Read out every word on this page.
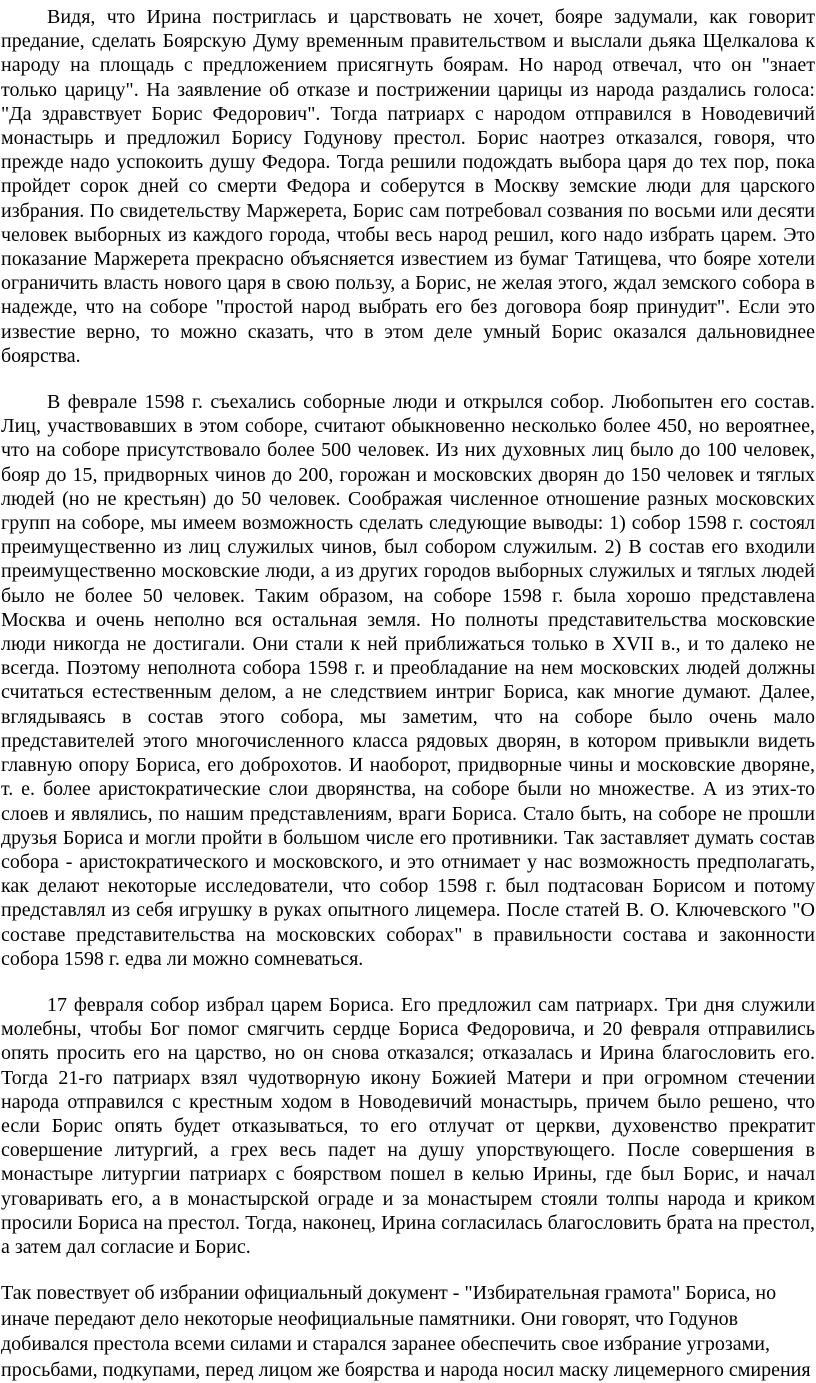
Видя, что Ирина постриглась и царствовать не хочет, бояре задумали, как говорит предание, сделать Боярскую Думу временным правительством и выслали дьяка Щелкалова к народу на площадь с предложением присягнуть боярам. Но народ отвечал, что он "знает только царицу". На заявление об отказе и пострижении царицы из народа раздались голоса: "Да здравствует Борис Федорович". Тогда патриарх с народом отправился в Новодевичий монастырь и предложил Борису Годунову престол. Борис наотрез отказался, говоря, что прежде надо успокоить душу Федора. Тогда решили подождать выбора царя до тех пор, пока пройдет сорок дней со смерти Федора и соберутся в Москву земские люди для царского избрания. По свидетельству Маржерета, Борис сам потребовал созвания по восьми или десяти человек выборных из каждого города, чтобы весь народ решил, кого надо избрать царем. Это показание Маржерета прекрасно объясняется известием из бумаг Татищева, что бояре хотели ограничить власть нового царя в свою пользу, а Борис, не желая этого, ждал земского собора в надежде, что на соборе "простой народ выбрать его без договора бояр принудит". Если это известие верно, то можно сказать, что в этом деле умный Борис оказался дальновиднее боярства.

В феврале 1598 г. съехались соборные люди и открылся собор. Любопытен его состав. Лиц, участвовавших в этом соборе, считают обыкновенно несколько более 450, но вероятнее, что на соборе присутствовало более 500 человек. Из них духовных лиц было до 100 человек, бояр до 15, придворных чинов до 200, горожан и московских дворян до 150 человек и тяглых людей (но не крестьян) до 50 человек. Соображая численное отношение разных московских групп на соборе, мы имеем возможность сделать следующие выводы: 1) собор 1598 г. состоял преимущественно из лиц служилых чинов, был собором служилым. 2) В состав его входили преимущественно московские люди, а из других городов выборных служилых и тяглых людей было не более 50 человек. Таким образом, на соборе 1598 г. была хорошо представлена Москва и очень неполно вся остальная земля. Но полноты представительства московские люди никогда не достигали. Они стали к ней приближаться только в XVII в., и то далеко не всегда. Поэтому неполнота собора 1598 г. и преобладание на нем московских людей должны считаться естественным делом, а не следствием интриг Бориса, как многие думают. Далее, вглядываясь в состав этого собора, мы заметим, что на соборе было очень мало представителей этого многочисленного класса рядовых дворян, в котором привыкли видеть главную опору Бориса, его доброхотов. И наоборот, придворные чины и московские дворяне, т. е. более аристократические слои дворянства, на соборе были но множестве. А из этих-то слоев и являлись, по нашим представлениям, враги Бориса. Стало быть, на соборе не прошли друзья Бориса и могли пройти в большом числе его противники. Так заставляет думать состав собора - аристократического и московского, и это отнимает у нас возможность предполагать, как делают некоторые исследователи, что собор 1598 г. был подтасован Борисом и потому представлял из себя игрушку в руках опытного лицемера. После статей В. О. Ключевского "О составе представительства на московских соборах" в правильности состава и законности собора 1598 г. едва ли можно сомневаться.

17 февраля собор избрал царем Бориса. Его предложил сам патриарх. Три дня служили молебны, чтобы Бог помог смягчить сердце Бориса Федоровича, и 20 февраля отправились опять просить его на царство, но он снова отказался; отказалась и Ирина благословить его. Тогда 21-го патриарх взял чудотворную икону Божией Матери и при огромном стечении народа отправился с крестным ходом в Новодевичий монастырь, причем было решено, что если Борис опять будет отказываться, то его отлучат от церкви, духовенство прекратит совершение литургий, а грех весь падет на душу упорствующего. После совершения в монастыре литургии патриарх с боярством пошел в келью Ирины, где был Борис, и начал уговаривать его, а в монастырской ограде и за монастырем стояли толпы народа и криком просили Бориса на престол. Тогда, наконец, Ирина согласилась благословить брата на престол, а затем дал согласие и Борис.

Так повествует об избрании официальный документ - "Избирательная грамота" Бориса, но иначе передают дело некоторые неофициальные памятники. Они говорят, что Годунов добивался престола всеми силами и старался заранее обеспечить свое избрание угрозами, просьбами, подкупами, перед лицом же боярства и народа носил маску лицемерного смирения
